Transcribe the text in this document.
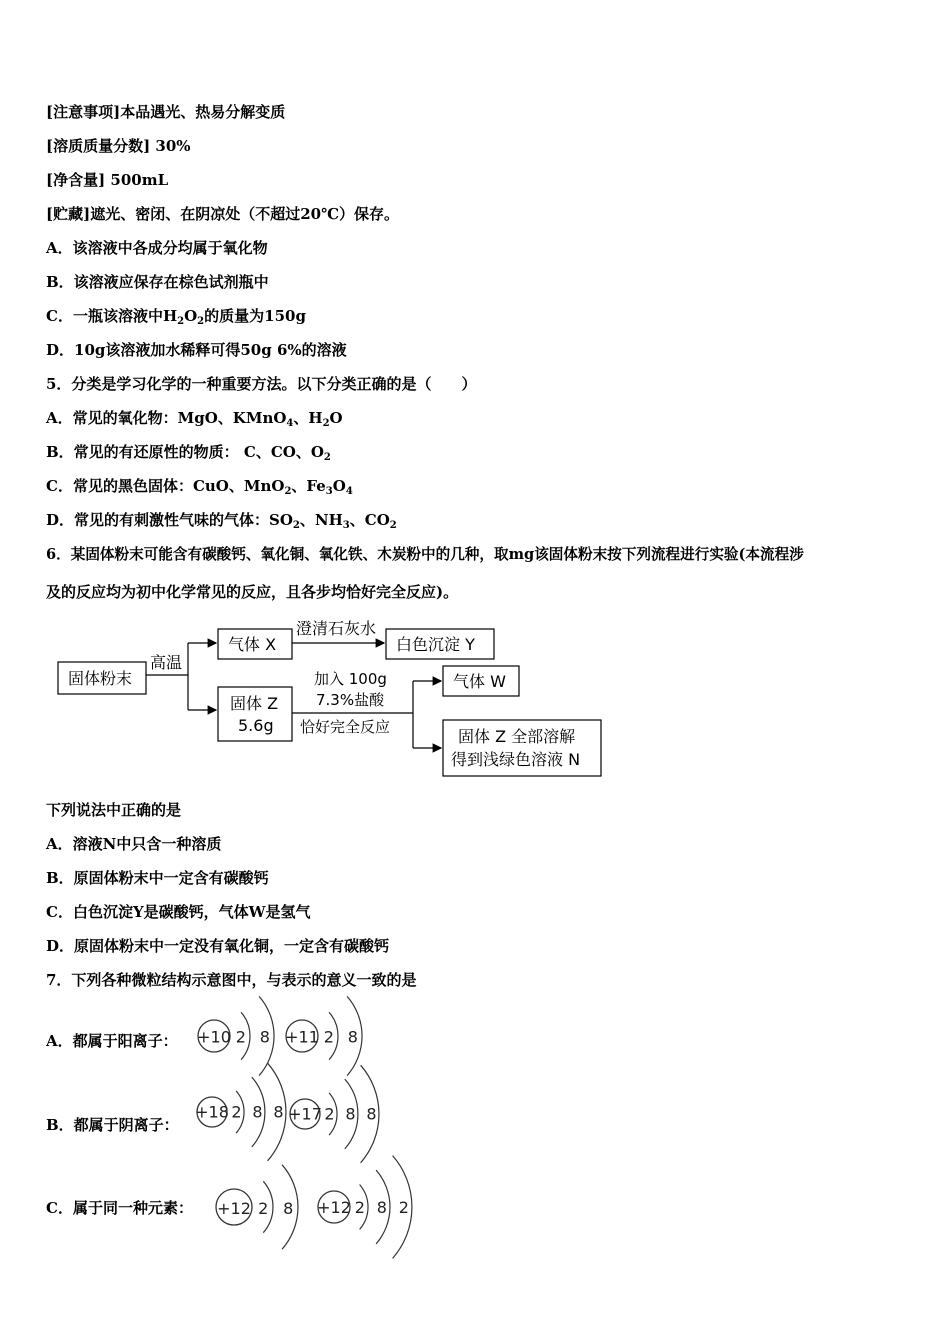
[注意事项]本品遇光、热易分解变质
[溶质质量分数] 30%
[净含量] 500mL
[贮藏]遮光、密闭、在阴凉处（不超过20℃）保存。
A．该溶液中各成分均属于氧化物
B．该溶液应保存在棕色试剂瓶中
C．一瓶该溶液中$H_2O_2$的质量为150g
D．10g该溶液加水稀释可得50g 6%的溶液
5．分类是学习化学的一种重要方法。以下分类正确的是（　　）
A．常见的氧化物：MgO、KMnO$_4$、$H_2O$
B．常见的有还原性的物质： C、CO、$O_2$
C．常见的黑色固体：CuO、MnO$_2$、$Fe_3O_4$
D．常见的有刺激性气味的气体：$SO_2$、$NH_3$、$CO_2$
6．某固体粉末可能含有碳酸钙、氧化铜、氧化铁、木炭粉中的几种，取mg该固体粉末按下列流程进行实验(本流程涉
及的反应均为初中化学常见的反应，且各步均恰好完全反应)。
固体粉末
高温
气体 X
澄清石灰水
白色沉淀 Y
固体 Z
5.6g
加入 100g
7.3%盐酸
恰好完全反应
气体 W
固体 Z 全部溶解
得到浅绿色溶液 N
下列说法中正确的是
A．溶液N中只含一种溶质
B．原固体粉末中一定含有碳酸钙
C．白色沉淀Y是碳酸钙，气体W是氢气
D．原固体粉末中一定没有氧化铜，一定含有碳酸钙
7．下列各种微粒结构示意图中，与表示的意义一致的是
A．都属于阳离子：
B．都属于阴离子：
C．属于同一种元素：
+10 2 8 +11 2 8
+18 2 8 8 +17 2 8 8
+12 2 8 +12 2 8 2
